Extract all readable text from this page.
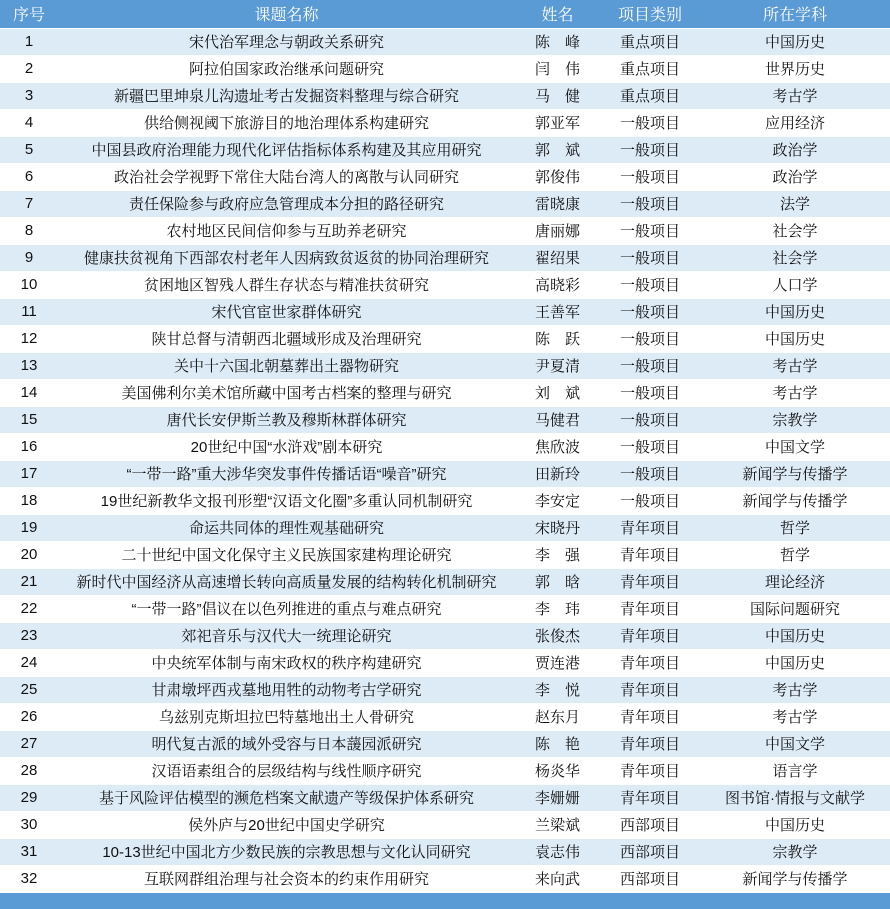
序号	课题名称	姓名	项目类别	所在学科
1	宋代治军理念与朝政关系研究	陈　峰	重点项目	中国历史
2	阿拉伯国家政治继承问题研究	闫　伟	重点项目	世界历史
3	新疆巴里坤泉儿沟遗址考古发掘资料整理与综合研究	马　健	重点项目	考古学
4	供给侧视阈下旅游目的地治理体系构建研究	郭亚军	一般项目	应用经济
5	中国县政府治理能力现代化评估指标体系构建及其应用研究	郭　斌	一般项目	政治学
6	政治社会学视野下常住大陆台湾人的离散与认同研究	郭俊伟	一般项目	政治学
7	责任保险参与政府应急管理成本分担的路径研究	雷晓康	一般项目	法学
8	农村地区民间信仰参与互助养老研究	唐丽娜	一般项目	社会学
9	健康扶贫视角下西部农村老年人因病致贫返贫的协同治理研究	翟绍果	一般项目	社会学
10	贫困地区智残人群生存状态与精准扶贫研究	高晓彩	一般项目	人口学
11	宋代官宦世家群体研究	王善军	一般项目	中国历史
12	陕甘总督与清朝西北疆域形成及治理研究	陈　跃	一般项目	中国历史
13	关中十六国北朝墓葬出土器物研究	尹夏清	一般项目	考古学
14	美国佛利尔美术馆所藏中国考古档案的整理与研究	刘　斌	一般项目	考古学
15	唐代长安伊斯兰教及穆斯林群体研究	马健君	一般项目	宗教学
16	20世纪中国“水浒戏”剧本研究	焦欣波	一般项目	中国文学
17	“一带一路”重大涉华突发事件传播话语“噪音”研究	田新玲	一般项目	新闻学与传播学
18	19世纪新教华文报刊形塑“汉语文化圈”多重认同机制研究	李安定	一般项目	新闻学与传播学
19	命运共同体的理性观基础研究	宋晓丹	青年项目	哲学
20	二十世纪中国文化保守主义民族国家建构理论研究	李　强	青年项目	哲学
21	新时代中国经济从高速增长转向高质量发展的结构转化机制研究	郭　晗	青年项目	理论经济
22	“一带一路”倡议在以色列推进的重点与难点研究	李　玮	青年项目	国际问题研究
23	郊祀音乐与汉代大一统理论研究	张俊杰	青年项目	中国历史
24	中央统军体制与南宋政权的秩序构建研究	贾连港	青年项目	中国历史
25	甘肃墩坪西戎墓地用牲的动物考古学研究	李　悦	青年项目	考古学
26	乌兹别克斯坦拉巴特墓地出土人骨研究	赵东月	青年项目	考古学
27	明代复古派的域外受容与日本蘐园派研究	陈　艳	青年项目	中国文学
28	汉语语素组合的层级结构与线性顺序研究	杨炎华	青年项目	语言学
29	基于风险评估模型的濒危档案文献遗产等级保护体系研究	李姗姗	青年项目	图书馆·情报与文献学
30	侯外庐与20世纪中国史学研究	兰梁斌	西部项目	中国历史
31	10-13世纪中国北方少数民族的宗教思想与文化认同研究	袁志伟	西部项目	宗教学
32	互联网群组治理与社会资本的约束作用研究	来向武	西部项目	新闻学与传播学
